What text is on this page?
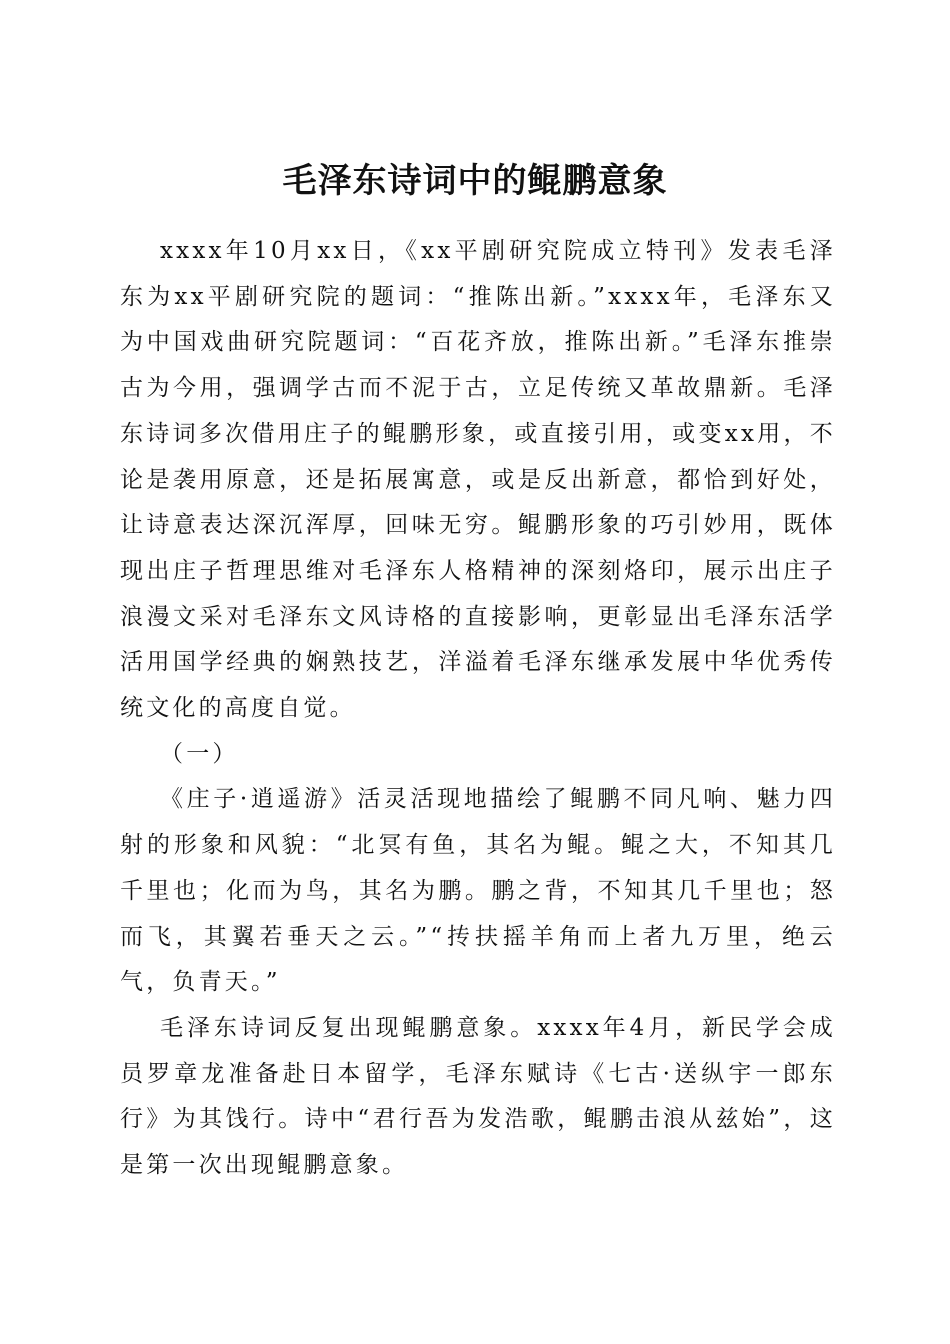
毛泽东诗词中的鲲鹏意象

xxxx年10月xx日，《xx平剧研究院成立特刊》发表毛泽东为xx平剧研究院的题词：“推陈出新。”xxxx年，毛泽东又为中国戏曲研究院题词：“百花齐放，推陈出新。”毛泽东推崇古为今用，强调学古而不泥于古，立足传统又革故鼎新。毛泽东诗词多次借用庄子的鲲鹏形象，或直接引用，或变xx用，不论是袭用原意，还是拓展寓意，或是反出新意，都恰到好处，让诗意表达深沉浑厚，回味无穷。鲲鹏形象的巧引妙用，既体现出庄子哲理思维对毛泽东人格精神的深刻烙印，展示出庄子浪漫文采对毛泽东文风诗格的直接影响，更彰显出毛泽东活学活用国学经典的娴熟技艺，洋溢着毛泽东继承发展中华优秀传统文化的高度自觉。

（一）

《庄子·逍遥游》活灵活现地描绘了鲲鹏不同凡响、魅力四射的形象和风貌：“北冥有鱼，其名为鲲。鲲之大，不知其几千里也；化而为鸟，其名为鹏。鹏之背，不知其几千里也；怒而飞，其翼若垂天之云。”“抟扶摇羊角而上者九万里，绝云气，负青天。”

毛泽东诗词反复出现鲲鹏意象。xxxx年4月，新民学会成员罗章龙准备赴日本留学，毛泽东赋诗《七古·送纵宇一郎东行》为其饯行。诗中“君行吾为发浩歌，鲲鹏击浪从兹始”，这是第一次出现鲲鹏意象。
